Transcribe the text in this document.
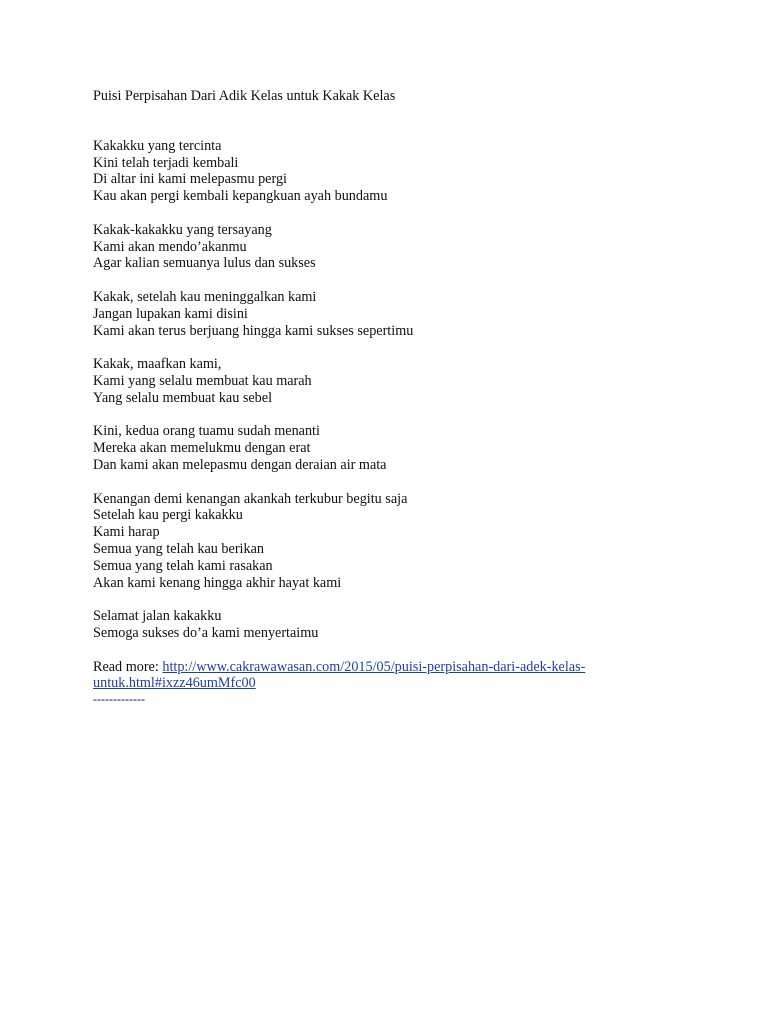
Puisi Perpisahan Dari Adik Kelas untuk Kakak Kelas

Kakakku yang tercinta
Kini telah terjadi kembali
Di altar ini kami melepasmu pergi
Kau akan pergi kembali kepangkuan ayah bundamu

Kakak-kakakku yang tersayang
Kami akan mendo’akanmu
Agar kalian semuanya lulus dan sukses

Kakak, setelah kau meninggalkan kami
Jangan lupakan kami disini
Kami akan terus berjuang hingga kami sukses sepertimu

Kakak, maafkan kami,
Kami yang selalu membuat kau marah
Yang selalu membuat kau sebel

Kini, kedua orang tuamu sudah menanti
Mereka akan memelukmu dengan erat
Dan kami akan melepasmu dengan deraian air mata

Kenangan demi kenangan akankah terkubur begitu saja
Setelah kau pergi kakakku
Kami harap
Semua yang telah kau berikan
Semua yang telah kami rasakan
Akan kami kenang hingga akhir hayat kami

Selamat jalan kakakku
Semoga sukses do’a kami menyertaimu

Read more: http://www.cakrawawasan.com/2015/05/puisi-perpisahan-dari-adek-kelas-
untuk.html#ixzz46umMfc00

-------------
